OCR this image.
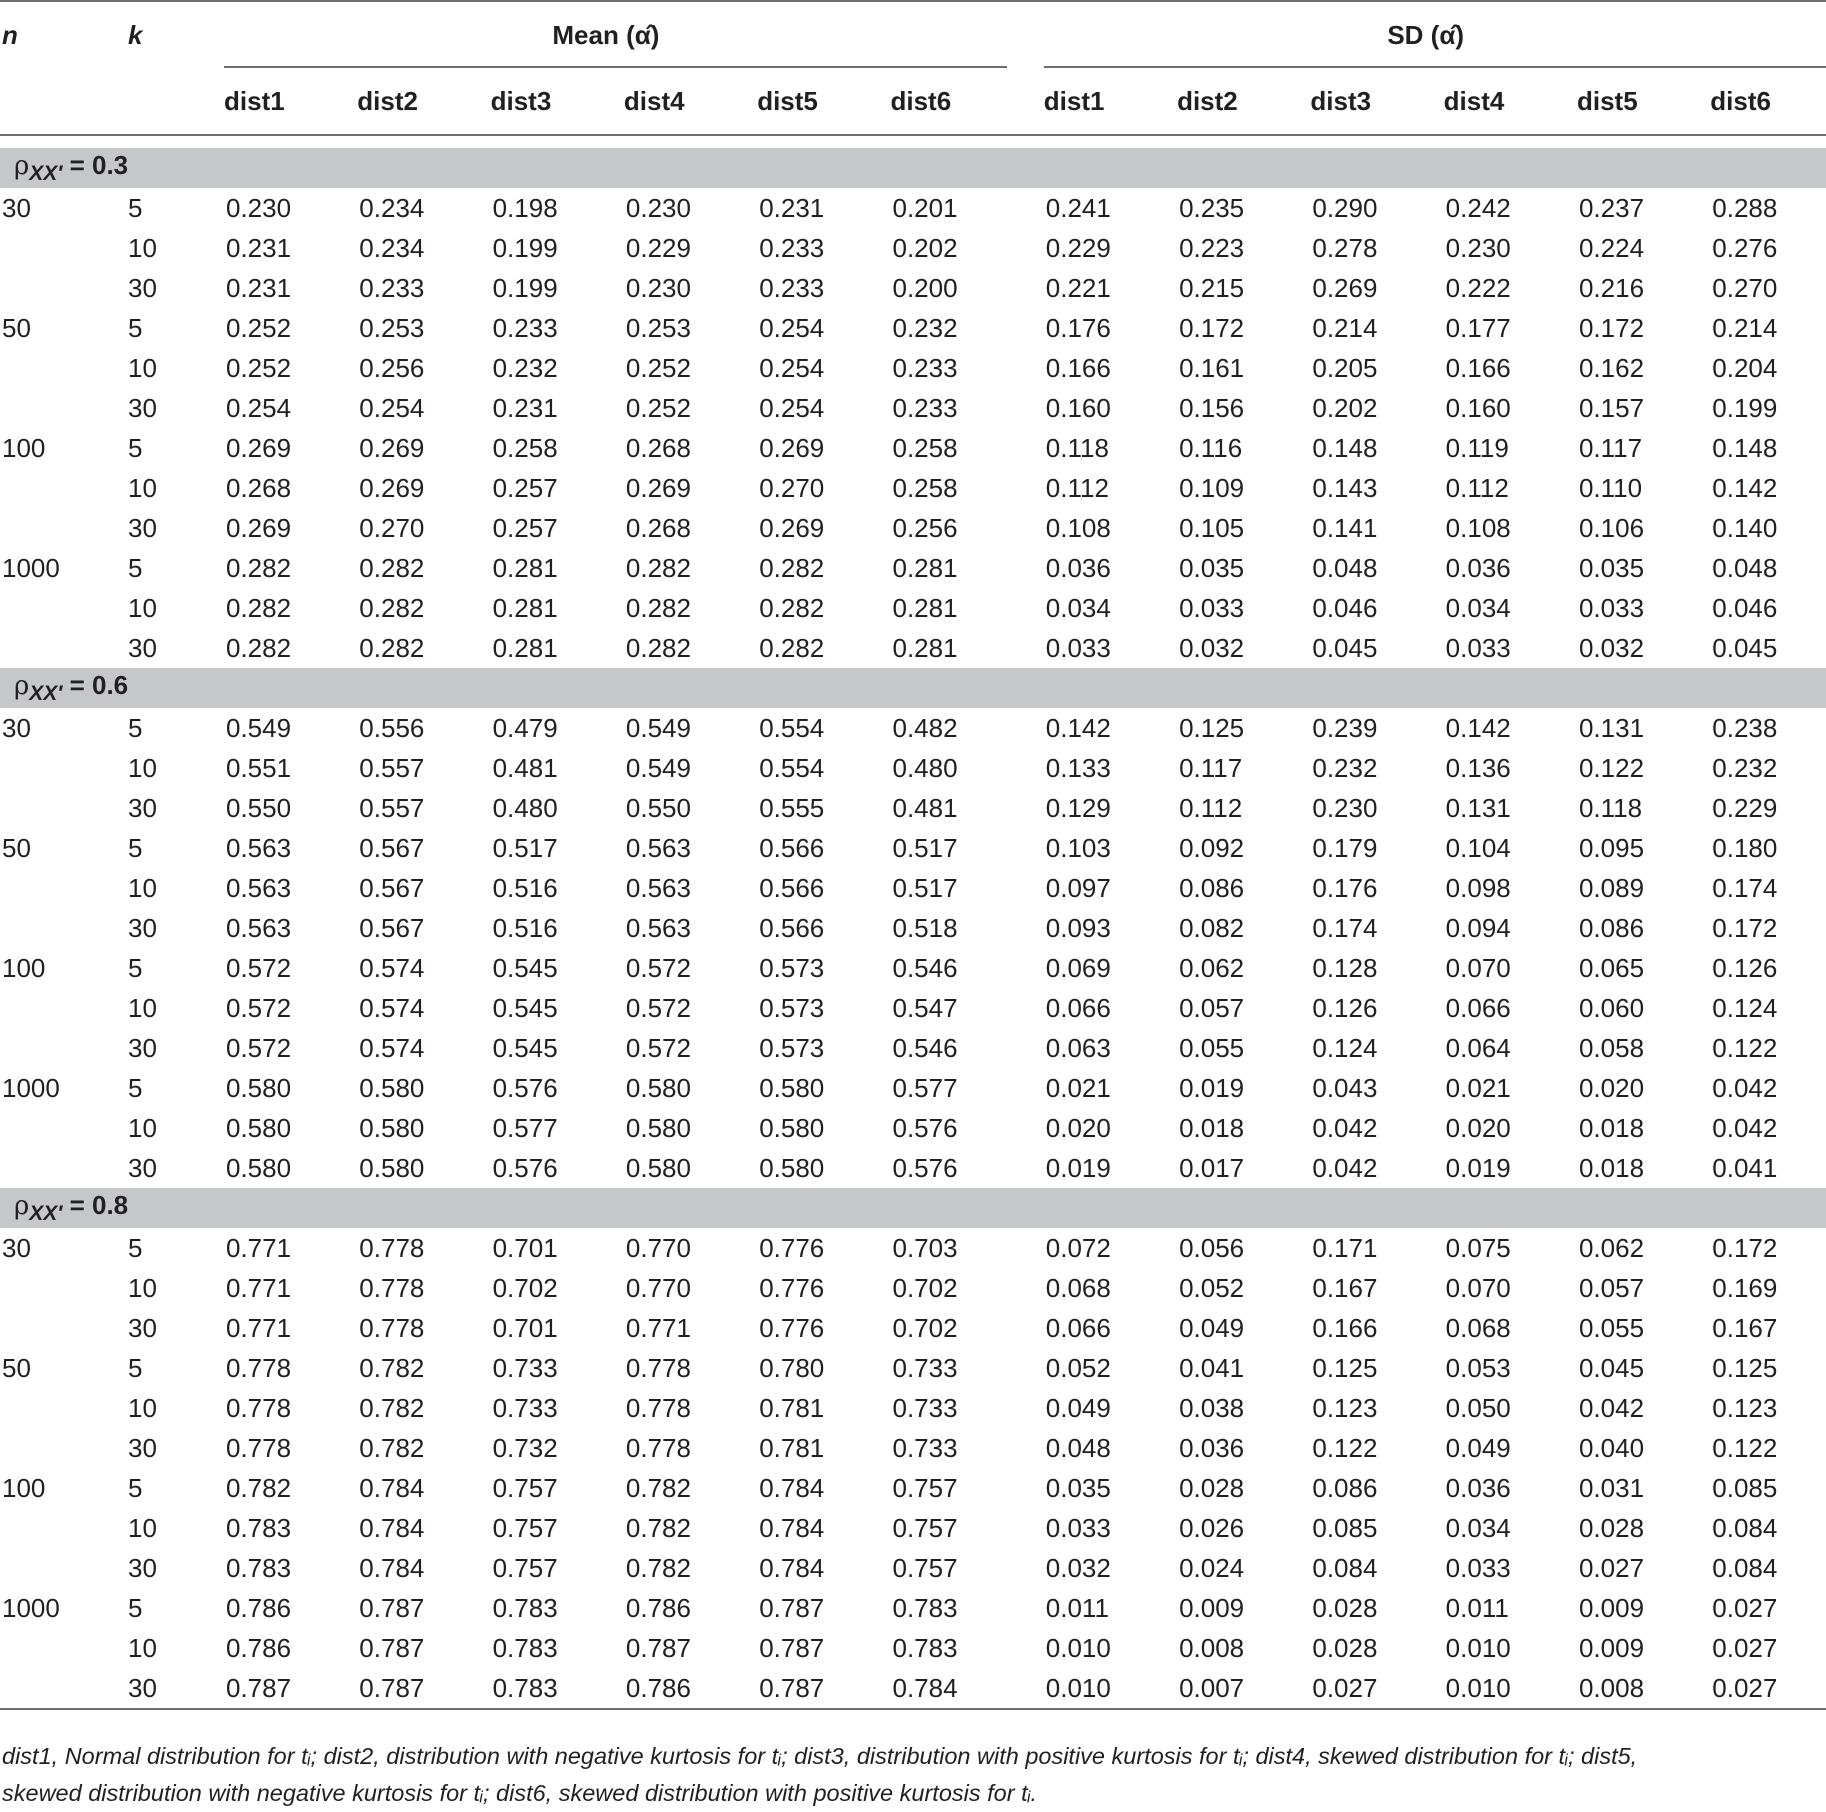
n	k	Mean (α̂)							SD (α̂)					

		dist1	dist2	dist3	dist4	dist5	dist6		dist1	dist2	dist3	dist4	dist5	dist6

$\rho_{XX'} = 0.3$														
30	5	0.230	0.234	0.198	0.230	0.231	0.201		0.241	0.235	0.290	0.242	0.237	0.288
	10	0.231	0.234	0.199	0.229	0.233	0.202		0.229	0.223	0.278	0.230	0.224	0.276
	30	0.231	0.233	0.199	0.230	0.233	0.200		0.221	0.215	0.269	0.222	0.216	0.270
50	5	0.252	0.253	0.233	0.253	0.254	0.232		0.176	0.172	0.214	0.177	0.172	0.214
	10	0.252	0.256	0.232	0.252	0.254	0.233		0.166	0.161	0.205	0.166	0.162	0.204
	30	0.254	0.254	0.231	0.252	0.254	0.233		0.160	0.156	0.202	0.160	0.157	0.199
100	5	0.269	0.269	0.258	0.268	0.269	0.258		0.118	0.116	0.148	0.119	0.117	0.148
	10	0.268	0.269	0.257	0.269	0.270	0.258		0.112	0.109	0.143	0.112	0.110	0.142
	30	0.269	0.270	0.257	0.268	0.269	0.256		0.108	0.105	0.141	0.108	0.106	0.140
1000	5	0.282	0.282	0.281	0.282	0.282	0.281		0.036	0.035	0.048	0.036	0.035	0.048
	10	0.282	0.282	0.281	0.282	0.282	0.281		0.034	0.033	0.046	0.034	0.033	0.046
	30	0.282	0.282	0.281	0.282	0.282	0.281		0.033	0.032	0.045	0.033	0.032	0.045
$\rho_{XX'} = 0.6$														
30	5	0.549	0.556	0.479	0.549	0.554	0.482		0.142	0.125	0.239	0.142	0.131	0.238
	10	0.551	0.557	0.481	0.549	0.554	0.480		0.133	0.117	0.232	0.136	0.122	0.232
	30	0.550	0.557	0.480	0.550	0.555	0.481		0.129	0.112	0.230	0.131	0.118	0.229
50	5	0.563	0.567	0.517	0.563	0.566	0.517		0.103	0.092	0.179	0.104	0.095	0.180
	10	0.563	0.567	0.516	0.563	0.566	0.517		0.097	0.086	0.176	0.098	0.089	0.174
	30	0.563	0.567	0.516	0.563	0.566	0.518		0.093	0.082	0.174	0.094	0.086	0.172
100	5	0.572	0.574	0.545	0.572	0.573	0.546		0.069	0.062	0.128	0.070	0.065	0.126
	10	0.572	0.574	0.545	0.572	0.573	0.547		0.066	0.057	0.126	0.066	0.060	0.124
	30	0.572	0.574	0.545	0.572	0.573	0.546		0.063	0.055	0.124	0.064	0.058	0.122
1000	5	0.580	0.580	0.576	0.580	0.580	0.577		0.021	0.019	0.043	0.021	0.020	0.042
	10	0.580	0.580	0.577	0.580	0.580	0.576		0.020	0.018	0.042	0.020	0.018	0.042
	30	0.580	0.580	0.576	0.580	0.580	0.576		0.019	0.017	0.042	0.019	0.018	0.041
$\rho_{XX'} = 0.8$														
30	5	0.771	0.778	0.701	0.770	0.776	0.703		0.072	0.056	0.171	0.075	0.062	0.172
	10	0.771	0.778	0.702	0.770	0.776	0.702		0.068	0.052	0.167	0.070	0.057	0.169
	30	0.771	0.778	0.701	0.771	0.776	0.702		0.066	0.049	0.166	0.068	0.055	0.167
50	5	0.778	0.782	0.733	0.778	0.780	0.733		0.052	0.041	0.125	0.053	0.045	0.125
	10	0.778	0.782	0.733	0.778	0.781	0.733		0.049	0.038	0.123	0.050	0.042	0.123
	30	0.778	0.782	0.732	0.778	0.781	0.733		0.048	0.036	0.122	0.049	0.040	0.122
100	5	0.782	0.784	0.757	0.782	0.784	0.757		0.035	0.028	0.086	0.036	0.031	0.085
	10	0.783	0.784	0.757	0.782	0.784	0.757		0.033	0.026	0.085	0.034	0.028	0.084
	30	0.783	0.784	0.757	0.782	0.784	0.757		0.032	0.024	0.084	0.033	0.027	0.084
1000	5	0.786	0.787	0.783	0.786	0.787	0.783		0.011	0.009	0.028	0.011	0.009	0.027
	10	0.786	0.787	0.783	0.787	0.787	0.783		0.010	0.008	0.028	0.010	0.009	0.027
	30	0.787	0.787	0.783	0.786	0.787	0.784		0.010	0.007	0.027	0.010	0.008	0.027
dist1, Normal distribution for tᵢ; dist2, distribution with negative kurtosis for tᵢ; dist3, distribution with positive kurtosis for tᵢ; dist4, skewed distribution for tᵢ; dist5,
skewed distribution with negative kurtosis for tᵢ; dist6, skewed distribution with positive kurtosis for tᵢ.
